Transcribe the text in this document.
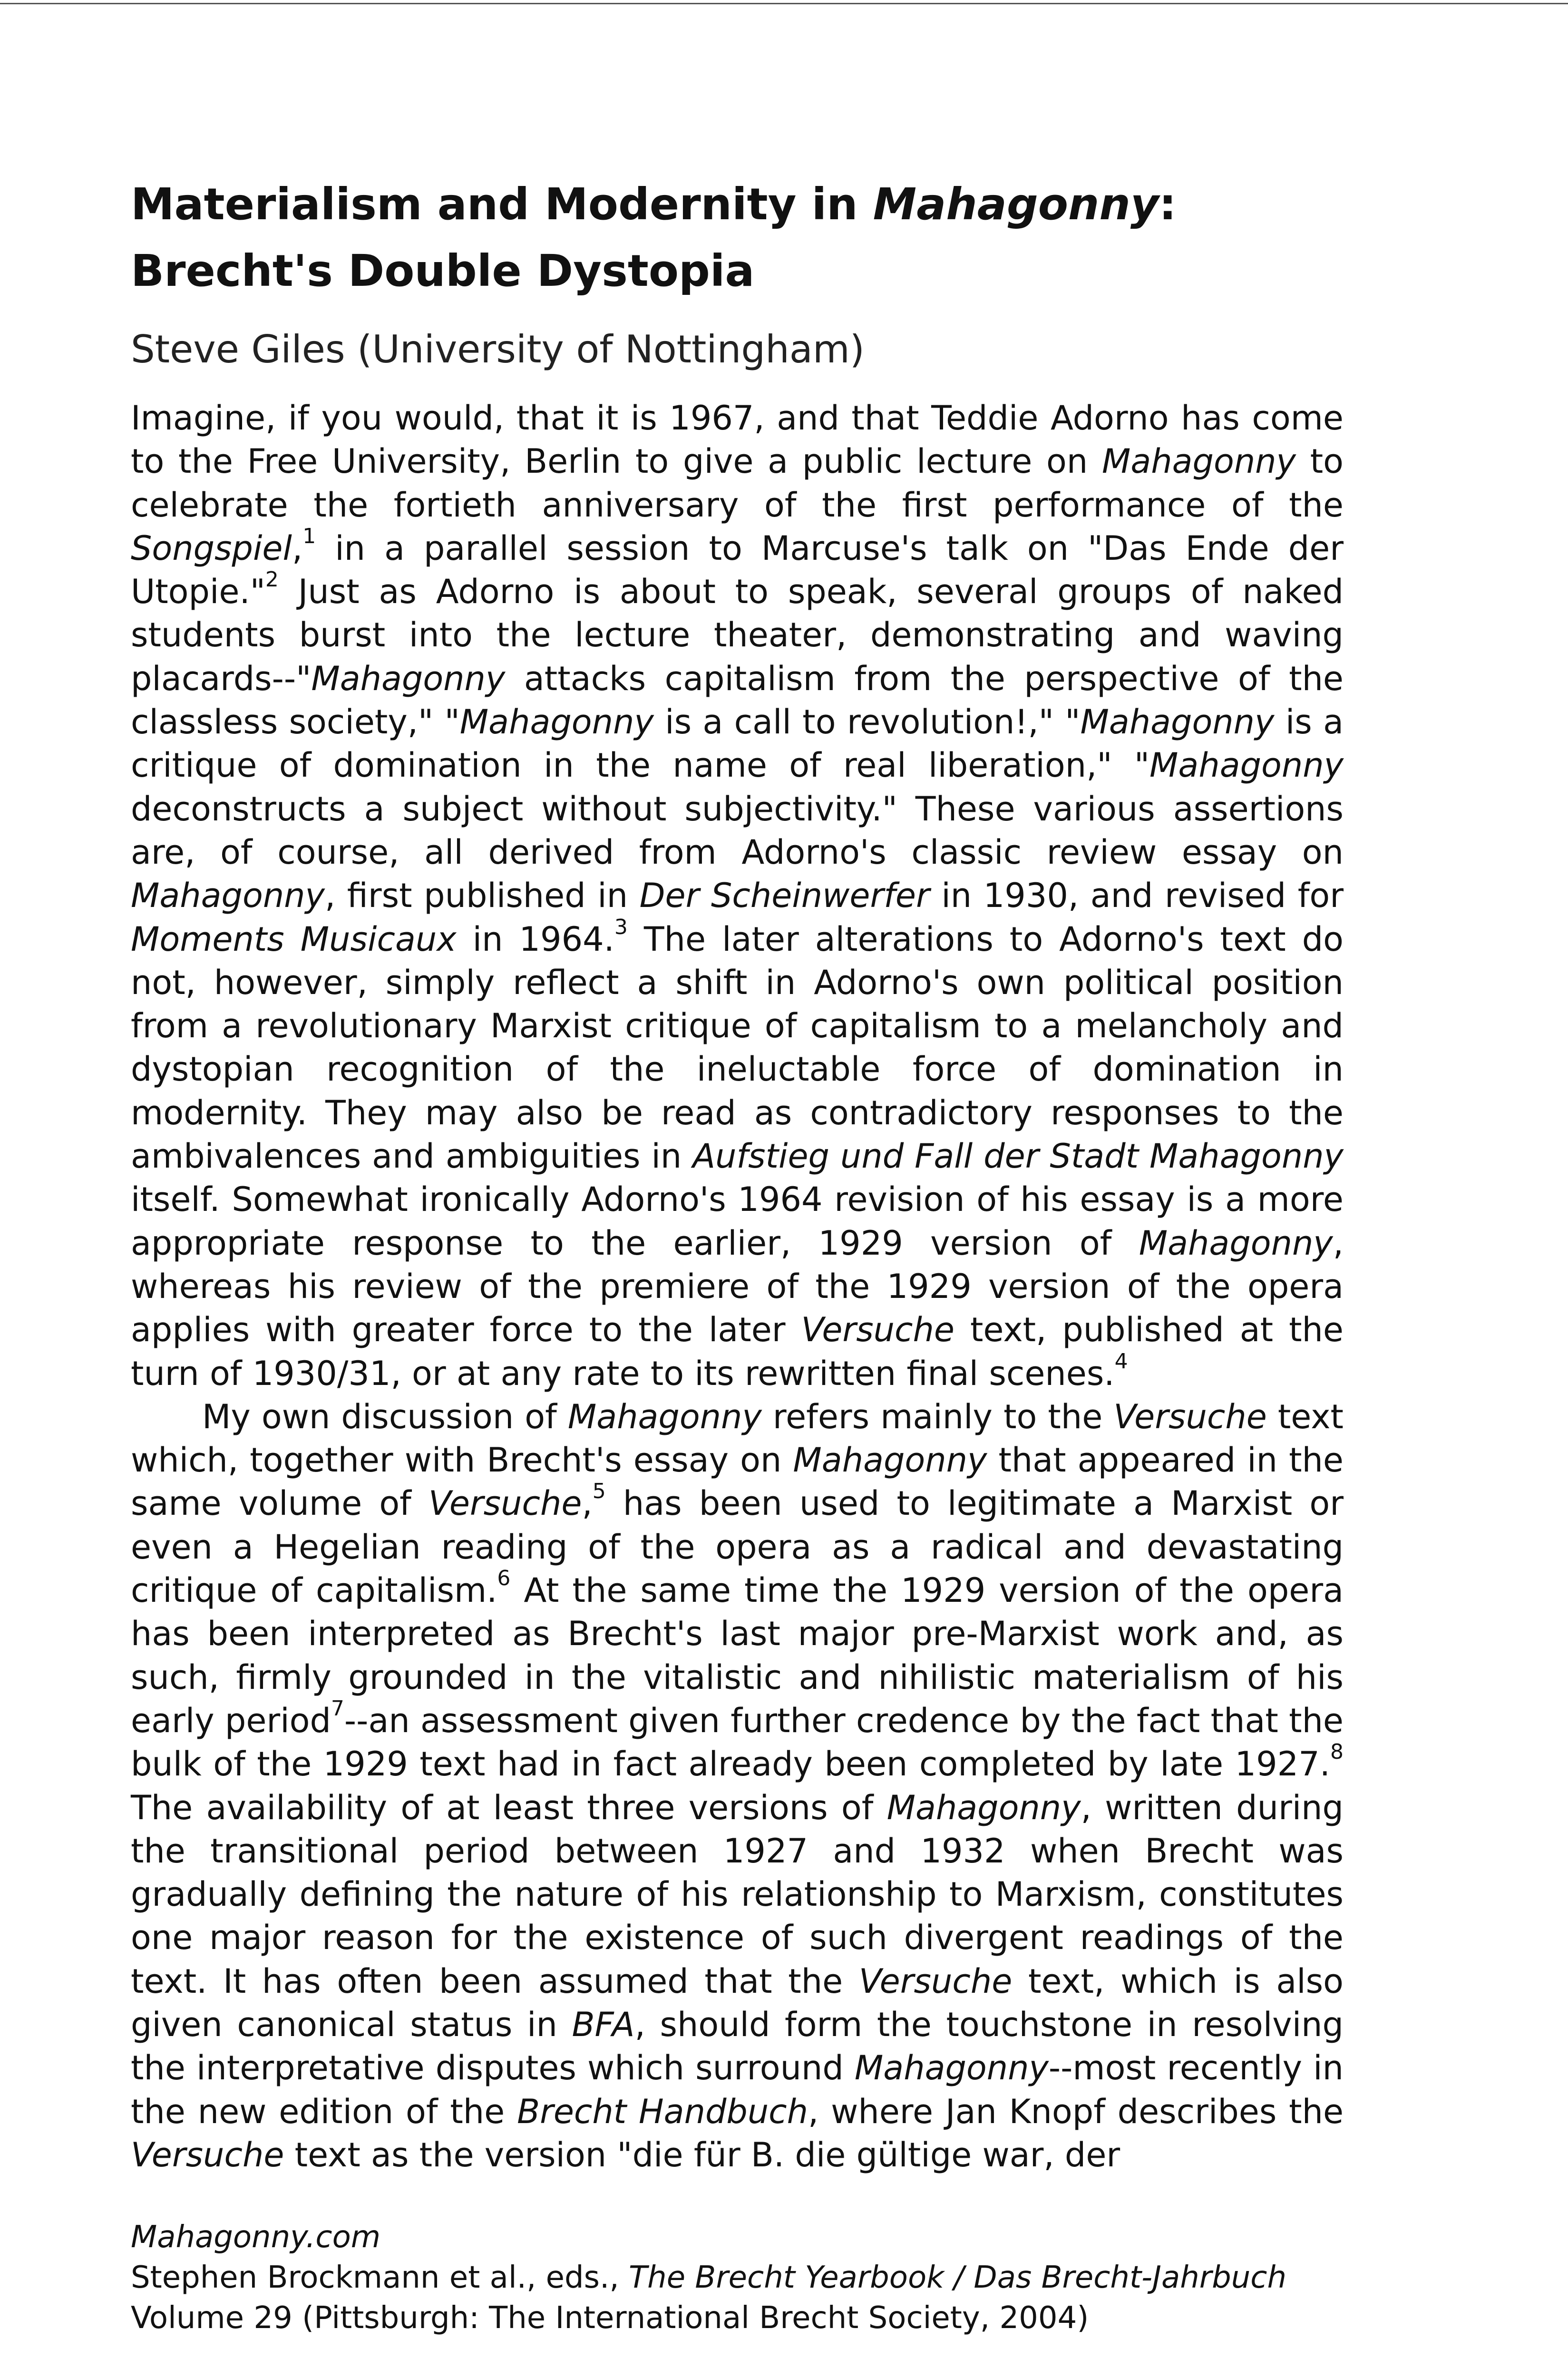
Materialism and Modernity in Mahagonny: Brecht's Double Dystopia
Steve Giles (University of Nottingham)

Imagine, if you would, that it is 1967, and that Teddie Adorno has come to the Free University, Berlin to give a public lecture on Mahagonny to celebrate the fortieth anniversary of the first performance of the Songspiel,$^1$ in a parallel session to Marcuse's talk on "Das Ende der Utopie."$^2$ Just as Adorno is about to speak, several groups of naked students burst into the lecture theater, demonstrating and waving placards--"Mahagonny attacks capitalism from the perspective of the classless society," "Mahagonny is a call to revolution!," "Mahagonny is a critique of domination in the name of real liberation," "Mahagonny deconstructs a subject without subjectivity." These various assertions are, of course, all derived from Adorno's classic review essay on Mahagonny, first published in Der Scheinwerfer in 1930, and revised for Moments Musicaux in 1964.$^3$ The later alterations to Adorno's text do not, however, simply reflect a shift in Adorno's own political position from a revolutionary Marxist critique of capitalism to a melancholy and dystopian recognition of the ineluctable force of domination in modernity. They may also be read as contradictory responses to the ambivalences and ambiguities in Aufstieg und Fall der Stadt Mahagonny itself. Somewhat ironically Adorno's 1964 revision of his essay is a more appropriate response to the earlier, 1929 version of Mahagonny, whereas his review of the premiere of the 1929 version of the opera applies with greater force to the later Versuche text, published at the turn of 1930/31, or at any rate to its rewritten final scenes.$^4$

My own discussion of Mahagonny refers mainly to the Versuche text which, together with Brecht's essay on Mahagonny that appeared in the same volume of Versuche,$^5$ has been used to legitimate a Marxist or even a Hegelian reading of the opera as a radical and devastating critique of capitalism.$^6$ At the same time the 1929 version of the opera has been interpreted as Brecht's last major pre-Marxist work and, as such, firmly grounded in the vitalistic and nihilistic materialism of his early period$^7$--an assessment given further credence by the fact that the bulk of the 1929 text had in fact already been completed by late 1927.$^8$ The availability of at least three versions of Mahagonny, written during the transitional period between 1927 and 1932 when Brecht was gradually defining the nature of his relationship to Marxism, constitutes one major reason for the existence of such divergent readings of the text. It has often been assumed that the Versuche text, which is also given canonical status in BFA, should form the touchstone in resolving the interpretative disputes which surround Mahagonny--most recently in the new edition of the Brecht Handbuch, where Jan Knopf describes the Versuche text as the version "die für B. die gültige war, der

Mahagonny.com
Stephen Brockmann et al., eds., The Brecht Yearbook / Das Brecht-Jahrbuch
Volume 29 (Pittsburgh: The International Brecht Society, 2004)
